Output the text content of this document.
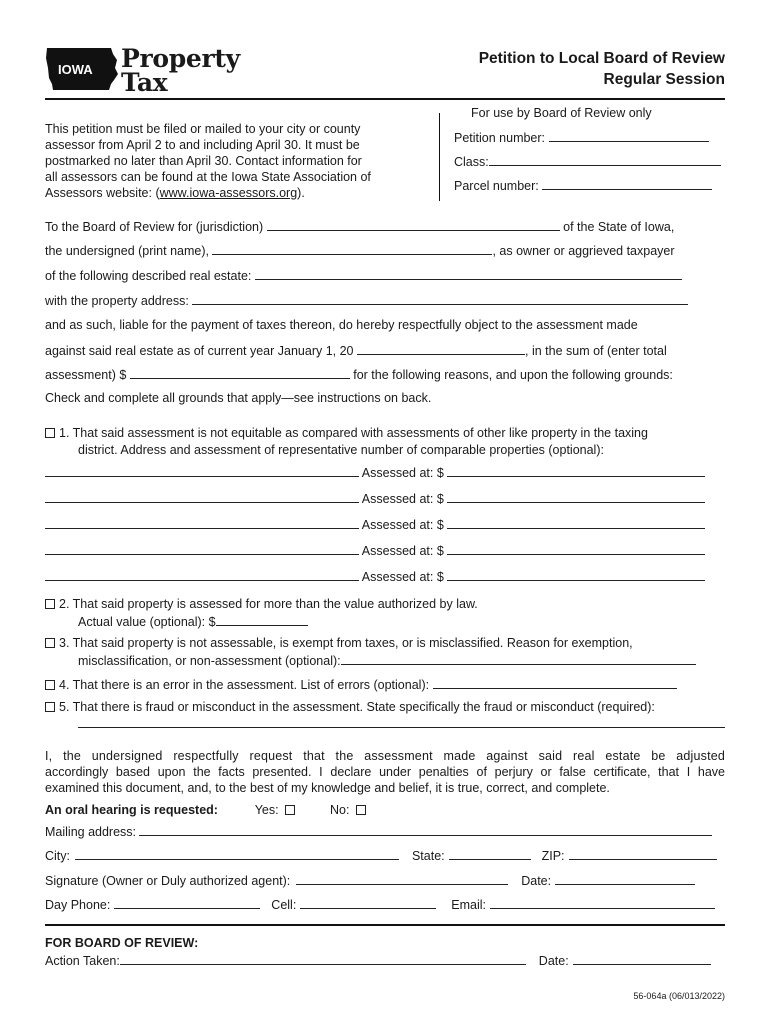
IOWA Property
Tax
Petition to Local Board of Review
Regular Session
This petition must be filed or mailed to your city or county
assessor from April 2 to and including April 30. It must be
postmarked no later than April 30. Contact information for
all assessors can be found at the Iowa State Association of
Assessors website: (www.iowa-assessors.org).
For use by Board of Review only
Petition number:
Class:
Parcel number:
To the Board of Review for (jurisdiction)	of the State of Iowa,
the undersigned (print name),	, as owner or aggrieved taxpayer
of the following described real estate:
with the property address:
and as such, liable for the payment of taxes thereon, do hereby respectfully object to the assessment made
against said real estate as of current year January 1, 20	, in the sum of (enter total
assessment) $	for the following reasons, and upon the following grounds:
Check and complete all grounds that apply—see instructions on back.
1. That said assessment is not equitable as compared with assessments of other like property in the taxing
district. Address and assessment of representative number of comparable properties (optional):
Assessed at: $
Assessed at: $
Assessed at: $
Assessed at: $
Assessed at: $
2. That said property is assessed for more than the value authorized by law.
Actual value (optional): $
3. That said property is not assessable, is exempt from taxes, or is misclassified. Reason for exemption,
misclassification, or non-assessment (optional):
4. That there is an error in the assessment. List of errors (optional):
5. That there is fraud or misconduct in the assessment. State specifically the fraud or misconduct (required):
I, the undersigned respectfully request that the assessment made against said real estate be adjusted
accordingly based upon the facts presented. I declare under penalties of perjury or false certificate, that I have
examined this document, and, to the best of my knowledge and belief, it is true, correct, and complete.
An oral hearing is requested:	Yes:	No:
Mailing address:
City:	State:	ZIP:
Signature (Owner or Duly authorized agent):	Date:
Day Phone:	Cell:	Email:
FOR BOARD OF REVIEW:
Action Taken:	Date:
56-064a (06/013/2022)
